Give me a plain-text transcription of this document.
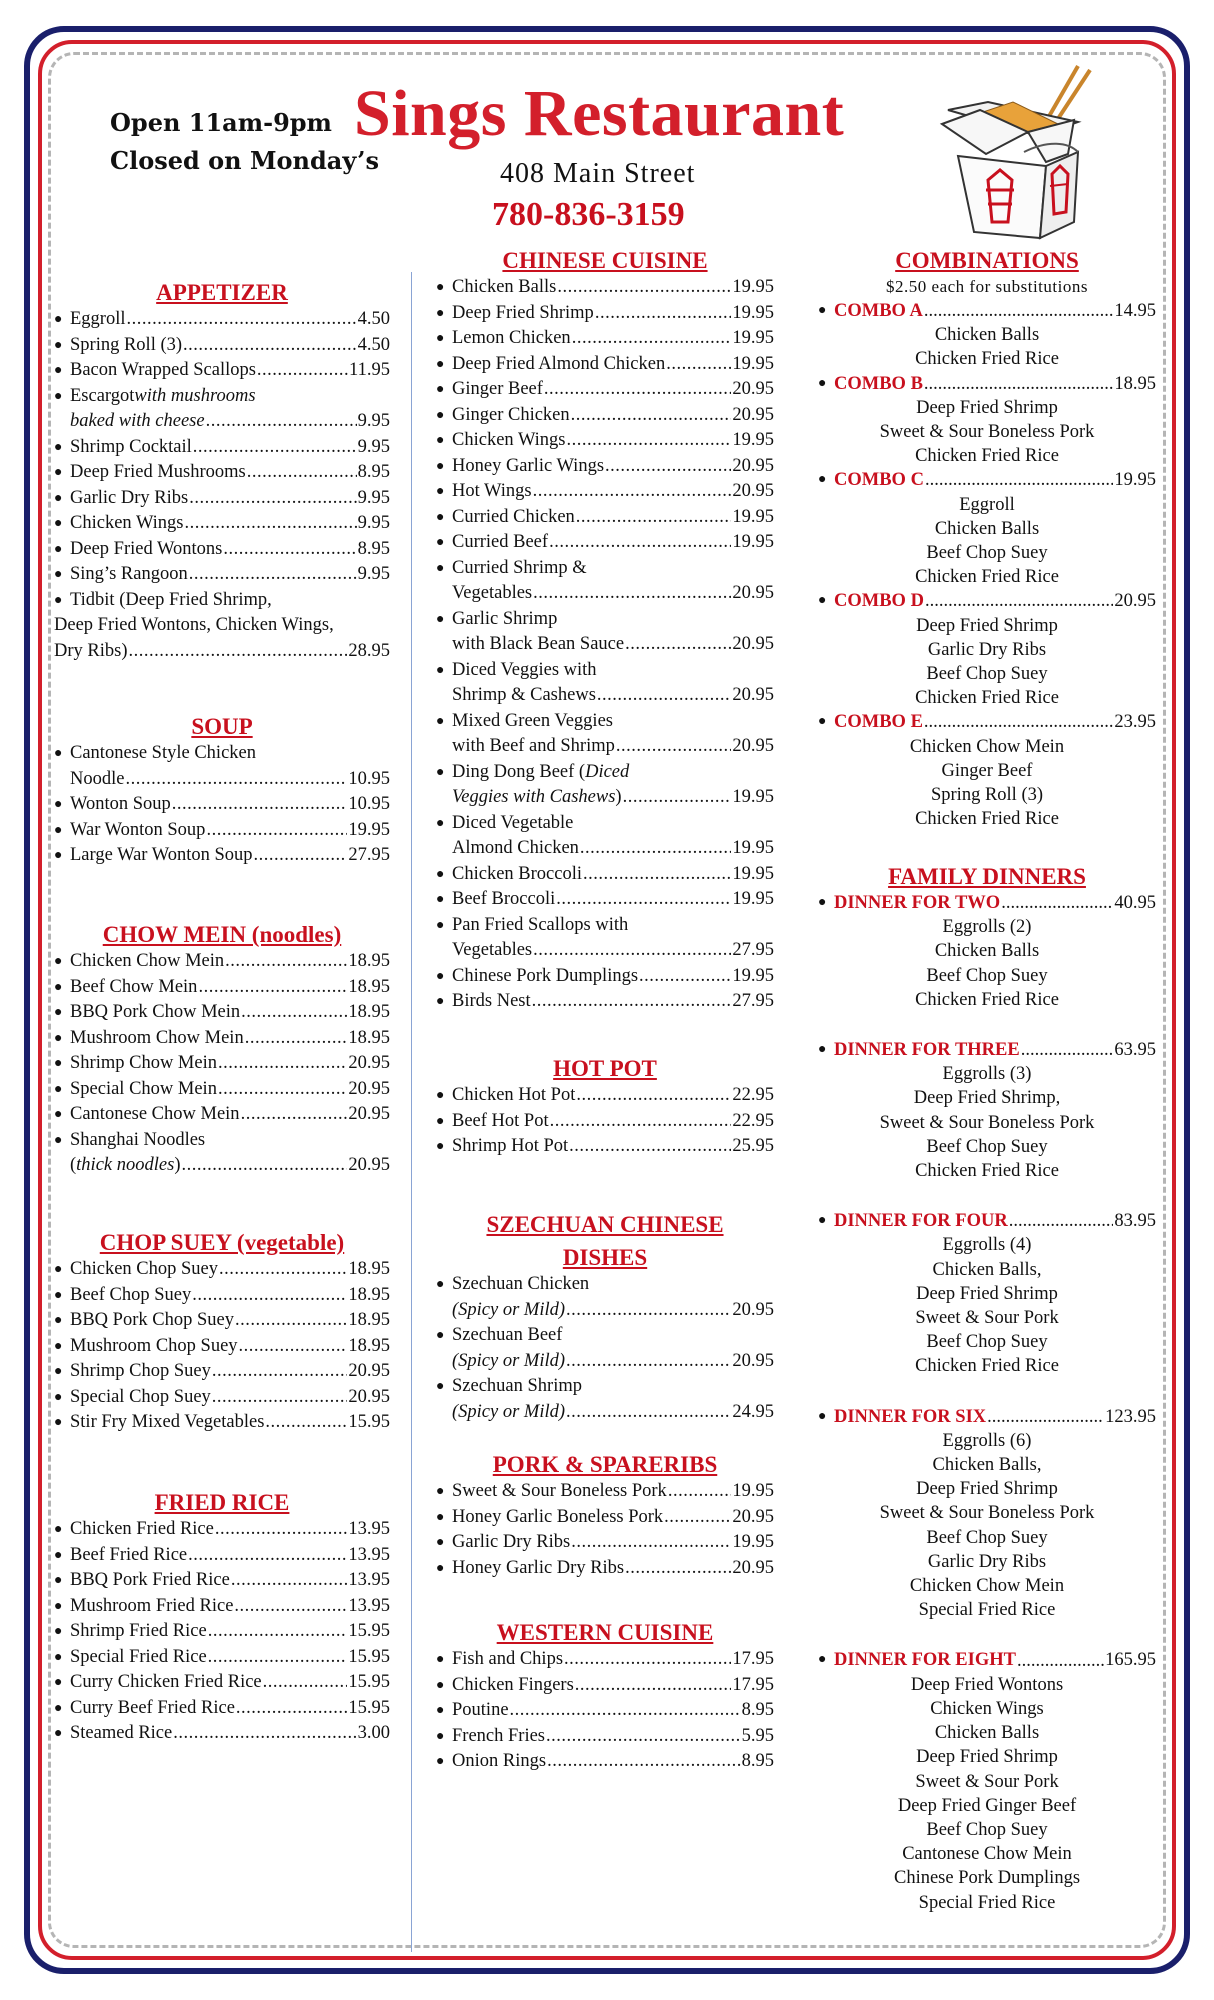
Open 11am-9pm
Closed on Monday’s
Sings Restaurant
408 Main Street
780-836-3159
APPETIZER
● Eggroll .....	4.50
● Spring Roll (3) .....	4.50
● Bacon Wrapped Scallops .....	11.95
● Escargot with mushrooms
baked with cheese .....	9.95
● Shrimp Cocktail .....	9.95
● Deep Fried Mushrooms .....	8.95
● Garlic Dry Ribs .....	9.95
● Chicken Wings .....	9.95
● Deep Fried Wontons .....	8.95
● Sing’s Rangoon .....	9.95
● Tidbit (Deep Fried Shrimp,
Deep Fried Wontons, Chicken Wings,
Dry Ribs) .....	28.95
SOUP
● Cantonese Style Chicken
Noodle .....	10.95
● Wonton Soup .....	10.95
● War Wonton Soup .....	19.95
● Large War Wonton Soup .....	27.95
CHOW MEIN (noodles)
● Chicken Chow Mein .....	18.95
● Beef Chow Mein .....	18.95
● BBQ Pork Chow Mein .....	18.95
● Mushroom Chow Mein .....	18.95
● Shrimp Chow Mein .....	20.95
● Special Chow Mein .....	20.95
● Cantonese Chow Mein .....	20.95
● Shanghai Noodles
( thick noodles ) .....	20.95
CHOP SUEY (vegetable)
● Chicken Chop Suey .....	18.95
● Beef Chop Suey .....	18.95
● BBQ Pork Chop Suey .....	18.95
● Mushroom Chop Suey .....	18.95
● Shrimp Chop Suey .....	20.95
● Special Chop Suey .....	20.95
● Stir Fry Mixed Vegetables .....	15.95
FRIED RICE
● Chicken Fried Rice .....	13.95
● Beef Fried Rice .....	13.95
● BBQ Pork Fried Rice .....	13.95
● Mushroom Fried Rice .....	13.95
● Shrimp Fried Rice .....	15.95
● Special Fried Rice .....	15.95
● Curry Chicken Fried Rice .....	15.95
● Curry Beef Fried Rice .....	15.95
● Steamed Rice .....	3.00
CHINESE CUISINE
● Chicken Balls .....	19.95
● Deep Fried Shrimp .....	19.95
● Lemon Chicken .....	19.95
● Deep Fried Almond Chicken .....	19.95
● Ginger Beef .....	20.95
● Ginger Chicken .....	20.95
● Chicken Wings .....	19.95
● Honey Garlic Wings .....	20.95
● Hot Wings .....	20.95
● Curried Chicken .....	19.95
● Curried Beef .....	19.95
● Curried Shrimp &
Vegetables .....	20.95
● Garlic Shrimp
with Black Bean Sauce .....	20.95
● Diced Veggies with
Shrimp & Cashews .....	20.95
● Mixed Green Veggies
with Beef and Shrimp .....	20.95
● Ding Dong Beef ( Diced
Veggies with Cashews ) .....	19.95
● Diced Vegetable
Almond Chicken .....	19.95
● Chicken Broccoli .....	19.95
● Beef Broccoli .....	19.95
● Pan Fried Scallops with
Vegetables .....	27.95
● Chinese Pork Dumplings .....	19.95
● Birds Nest .....	27.95
HOT POT
● Chicken Hot Pot .....	22.95
● Beef Hot Pot .....	22.95
● Shrimp Hot Pot .....	25.95
SZECHUAN CHINESE
DISHES
● Szechuan Chicken
(Spicy or Mild) .....	20.95
● Szechuan Beef
(Spicy or Mild) .....	20.95
● Szechuan Shrimp
(Spicy or Mild) .....	24.95
PORK & SPARERIBS
● Sweet & Sour Boneless Pork .....	19.95
● Honey Garlic Boneless Pork .....	20.95
● Garlic Dry Ribs .....	19.95
● Honey Garlic Dry Ribs .....	20.95
WESTERN CUISINE
● Fish and Chips .....	17.95
● Chicken Fingers .....	17.95
● Poutine .....	8.95
● French Fries .....	5.95
● Onion Rings .....	8.95
COMBINATIONS
$2.50 each for substitutions
● COMBO A .....	14.95
Chicken Balls
Chicken Fried Rice
● COMBO B .....	18.95
Deep Fried Shrimp
Sweet & Sour Boneless Pork
Chicken Fried Rice
● COMBO C .....	19.95
Eggroll
Chicken Balls
Beef Chop Suey
Chicken Fried Rice
● COMBO D .....	20.95
Deep Fried Shrimp
Garlic Dry Ribs
Beef Chop Suey
Chicken Fried Rice
● COMBO E .....	23.95
Chicken Chow Mein
Ginger Beef
Spring Roll (3)
Chicken Fried Rice
FAMILY DINNERS
● DINNER FOR TWO .....	40.95
Eggrolls (2)
Chicken Balls
Beef Chop Suey
Chicken Fried Rice
● DINNER FOR THREE .....	63.95
Eggrolls (3)
Deep Fried Shrimp,
Sweet & Sour Boneless Pork
Beef Chop Suey
Chicken Fried Rice
● DINNER FOR FOUR .....	83.95
Eggrolls (4)
Chicken Balls,
Deep Fried Shrimp
Sweet & Sour Pork
Beef Chop Suey
Chicken Fried Rice
● DINNER FOR SIX .....	123.95
Eggrolls (6)
Chicken Balls,
Deep Fried Shrimp
Sweet & Sour Boneless Pork
Beef Chop Suey
Garlic Dry Ribs
Chicken Chow Mein
Special Fried Rice
● DINNER FOR EIGHT .....	165.95
Deep Fried Wontons
Chicken Wings
Chicken Balls
Deep Fried Shrimp
Sweet & Sour Pork
Deep Fried Ginger Beef
Beef Chop Suey
Cantonese Chow Mein
Chinese Pork Dumplings
Special Fried Rice
